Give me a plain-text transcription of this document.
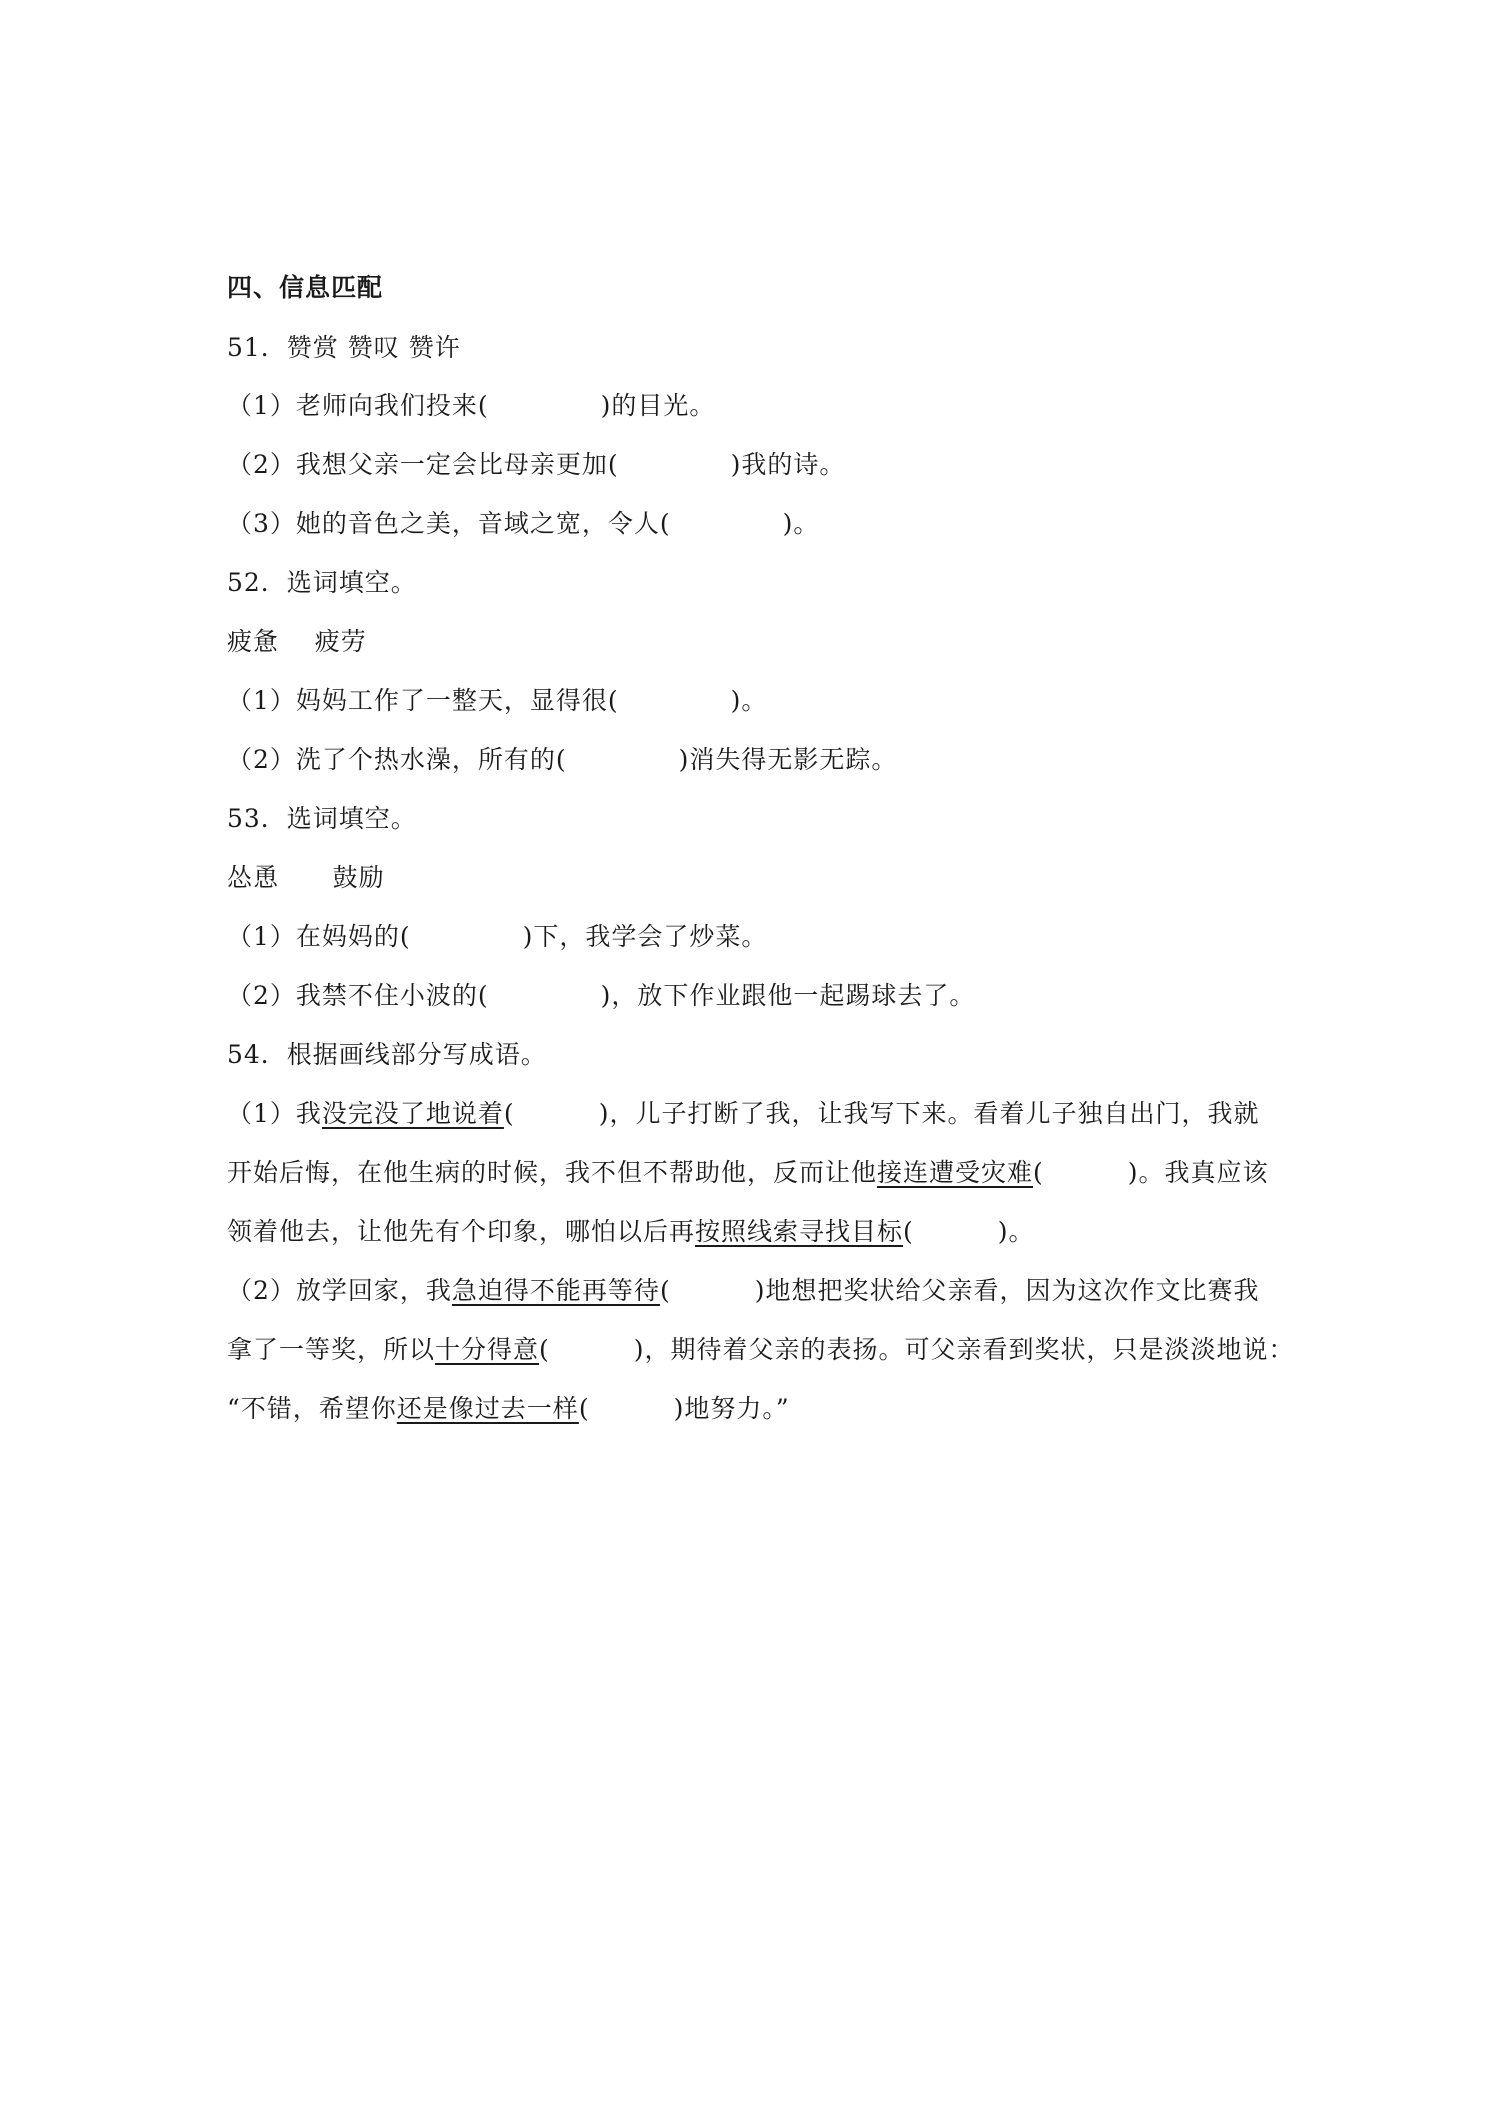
四、信息匹配
51．赞赏 赞叹 赞许
（1）老师向我们投来(	)的目光。
（2）我想父亲一定会比母亲更加(	)我的诗。
（3）她的音色之美，音域之宽，令人(	)。
52．选词填空。
疲惫    疲劳
（1）妈妈工作了一整天，显得很(	)。
（2）洗了个热水澡，所有的(	)消失得无影无踪。
53．选词填空。
怂恿      鼓励
（1）在妈妈的(	)下，我学会了炒菜。
（2）我禁不住小波的(	)，放下作业跟他一起踢球去了。
54．根据画线部分写成语。
（1）我没完没了地说着(	)，儿子打断了我，让我写下来。看着儿子独自出门，我就
开始后悔，在他生病的时候，我不但不帮助他，反而让他接连遭受灾难(	)。我真应该
领着他去，让他先有个印象，哪怕以后再按照线索寻找目标(	)。
（2）放学回家，我急迫得不能再等待(	)地想把奖状给父亲看，因为这次作文比赛我
拿了一等奖，所以十分得意(	)，期待着父亲的表扬。可父亲看到奖状，只是淡淡地说：
“不错，希望你还是像过去一样(	)地努力。”
